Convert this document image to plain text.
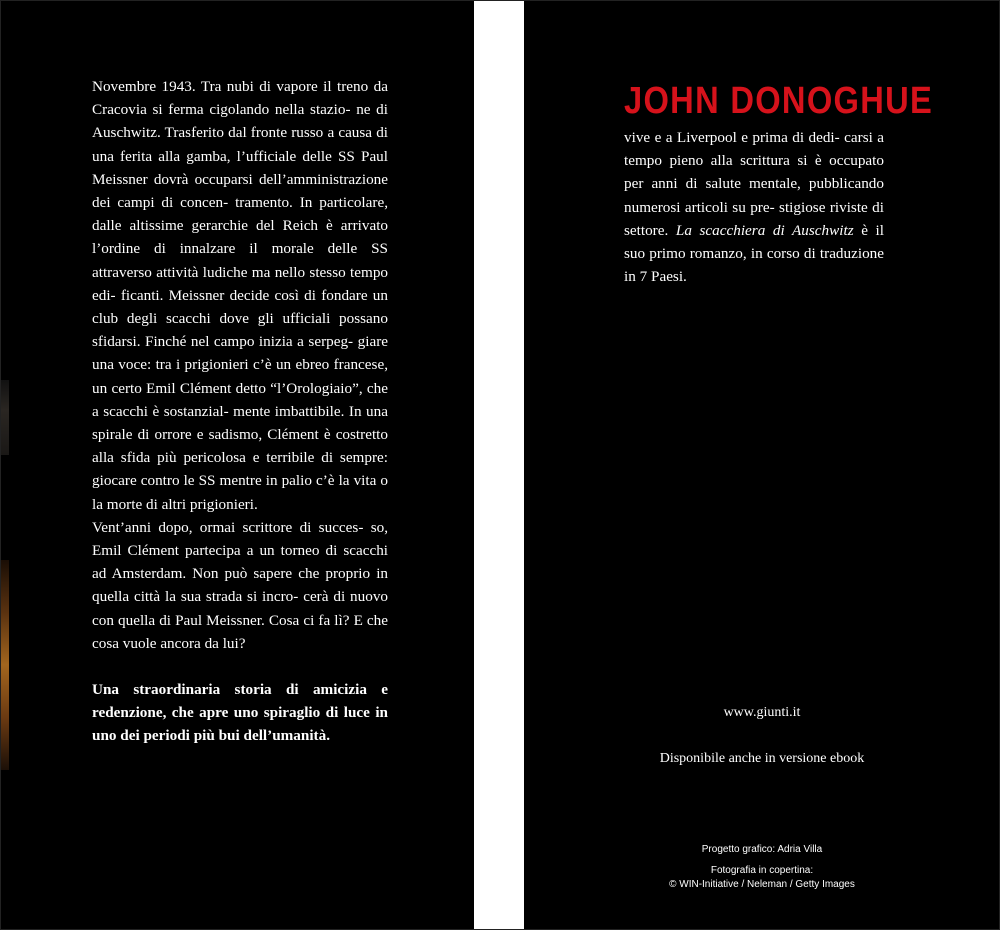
Novembre 1943. Tra nubi di vapore il treno da Cracovia si ferma cigolando nella stazio- ne di Auschwitz. Trasferito dal fronte russo a causa di una ferita alla gamba, l’ufficiale delle SS Paul Meissner dovrà occuparsi dell’amministrazione dei campi di concen- tramento. In particolare, dalle altissime gerarchie del Reich è arrivato l’ordine di innalzare il morale delle SS attraverso attività ludiche ma nello stesso tempo edi- ficanti. Meissner decide così di fondare un club degli scacchi dove gli ufficiali possano sfidarsi. Finché nel campo inizia a serpeg- giare una voce: tra i prigionieri c’è un ebreo francese, un certo Emil Clément detto “l’Orologiaio”, che a scacchi è sostanzial- mente imbattibile. In una spirale di orrore e sadismo, Clément è costretto alla sfida più pericolosa e terribile di sempre: giocare contro le SS mentre in palio c’è la vita o la morte di altri prigionieri.

Vent’anni dopo, ormai scrittore di succes- so, Emil Clément partecipa a un torneo di scacchi ad Amsterdam. Non può sapere che proprio in quella città la sua strada si incro- cerà di nuovo con quella di Paul Meissner. Cosa ci fa lì? E che cosa vuole ancora da lui?

Una straordinaria storia di amicizia e redenzione, che apre uno spiraglio di luce in uno dei periodi più bui dell’umanità.

JOHN DONOGHUE

vive e a Liverpool e prima di dedi- carsi a tempo pieno alla scrittura si è occupato per anni di salute mentale, pubblicando numerosi articoli su pre- stigiose riviste di settore. La scacchiera di Auschwitz è il suo primo romanzo, in corso di traduzione in 7 Paesi.

www.giunti.it
Disponibile anche in versione ebook
Progetto grafico: Adria Villa
Fotografia in copertina:
© WIN-Initiative / Neleman / Getty Images
